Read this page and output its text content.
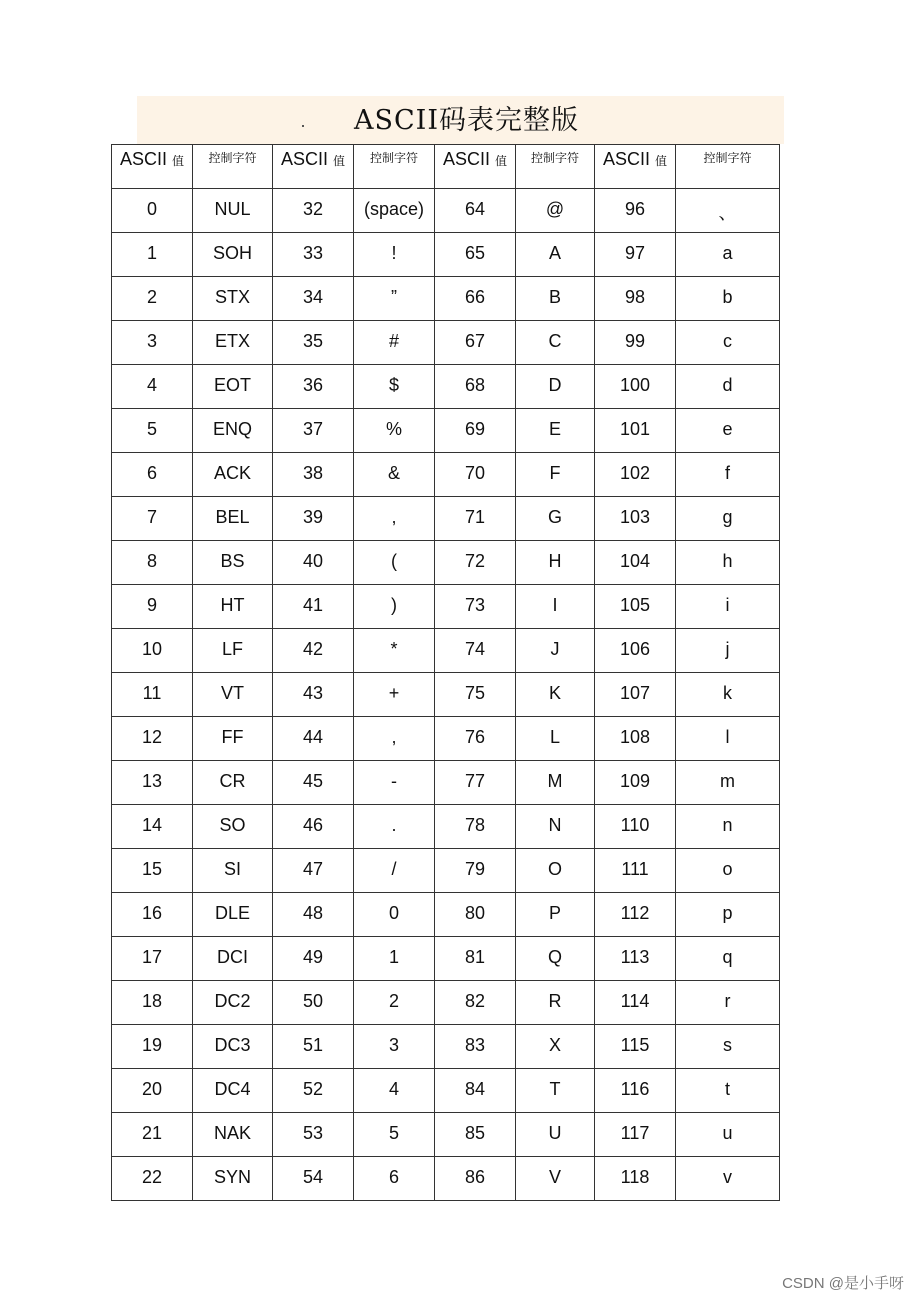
ASCII码表完整版
ASCII 值	控制字符	ASCII 值	控制字符	ASCII 值	控制字符	ASCII 值	控制字符
0	NUL	32	(space)	64	@	96	、
1	SOH	33	!	65	A	97	a
2	STX	34	”	66	B	98	b
3	ETX	35	#	67	C	99	c
4	EOT	36	$	68	D	100	d
5	ENQ	37	%	69	E	101	e
6	ACK	38	&	70	F	102	f
7	BEL	39	,	71	G	103	g
8	BS	40	(	72	H	104	h
9	HT	41	)	73	I	105	i
10	LF	42	*	74	J	106	j
11	VT	43	+	75	K	107	k
12	FF	44	,	76	L	108	l
13	CR	45	-	77	M	109	m
14	SO	46	.	78	N	110	n
15	SI	47	/	79	O	111	o
16	DLE	48	0	80	P	112	p
17	DCI	49	1	81	Q	113	q
18	DC2	50	2	82	R	114	r
19	DC3	51	3	83	X	115	s
20	DC4	52	4	84	T	116	t
21	NAK	53	5	85	U	117	u
22	SYN	54	6	86	V	118	v
CSDN @是小手呀
